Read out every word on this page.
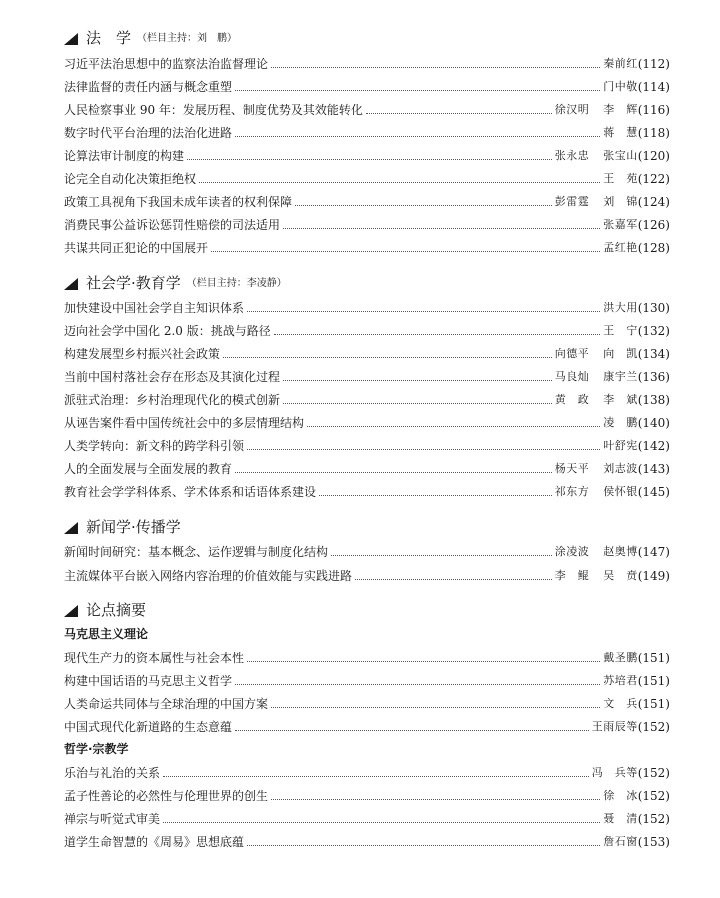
法　学 （栏目主持：刘　鹏）
习近平法治思想中的监察法治监督理论	秦前红 (112)
法律监督的责任内涵与概念重塑	门中敬 (114)
人民检察事业 90 年：发展历程、制度优势及其效能转化	徐汉明 李　辉 (116)
数字时代平台治理的法治化进路	蒋　慧 (118)
论算法审计制度的构建	张永忠 张宝山 (120)
论完全自动化决策拒绝权	王　苑 (122)
政策工具视角下我国未成年读者的权利保障	彭雷霆 刘　锦 (124)
消费民事公益诉讼惩罚性赔偿的司法适用	张嘉军 (126)
共谋共同正犯论的中国展开	孟红艳 (128)
社会学·教育学 （栏目主持：李凌静）
加快建设中国社会学自主知识体系	洪大用 (130)
迈向社会学中国化 2.0 版：挑战与路径	王　宁 (132)
构建发展型乡村振兴社会政策	向德平 向　凯 (134)
当前中国村落社会存在形态及其演化过程	马良灿 康宇兰 (136)
派驻式治理：乡村治理现代化的模式创新	黄　政 李　斌 (138)
从诬告案件看中国传统社会中的多层情理结构	凌　鹏 (140)
人类学转向：新文科的跨学科引领	叶舒宪 (142)
人的全面发展与全面发展的教育	杨天平 刘志波 (143)
教育社会学学科体系、学术体系和话语体系建设	祁东方 侯怀银 (145)
新闻学·传播学
新闻时间研究：基本概念、运作逻辑与制度化结构	涂凌波 赵奥博 (147)
主流媒体平台嵌入网络内容治理的价值效能与实践进路	李　鲲 吴　贲 (149)
论点摘要
马克思主义理论
现代生产力的资本属性与社会本性	戴圣鹏 (151)
构建中国话语的马克思主义哲学	苏培君 (151)
人类命运共同体与全球治理的中国方案	文　兵 (151)
中国式现代化新道路的生态意蕴	王雨辰等 (152)
哲学·宗教学
乐治与礼治的关系	冯　兵等 (152)
孟子性善论的必然性与伦理世界的创生	徐　冰 (152)
禅宗与听觉式审美	聂　清 (152)
道学生命智慧的《周易》思想底蕴	詹石窗 (153)
